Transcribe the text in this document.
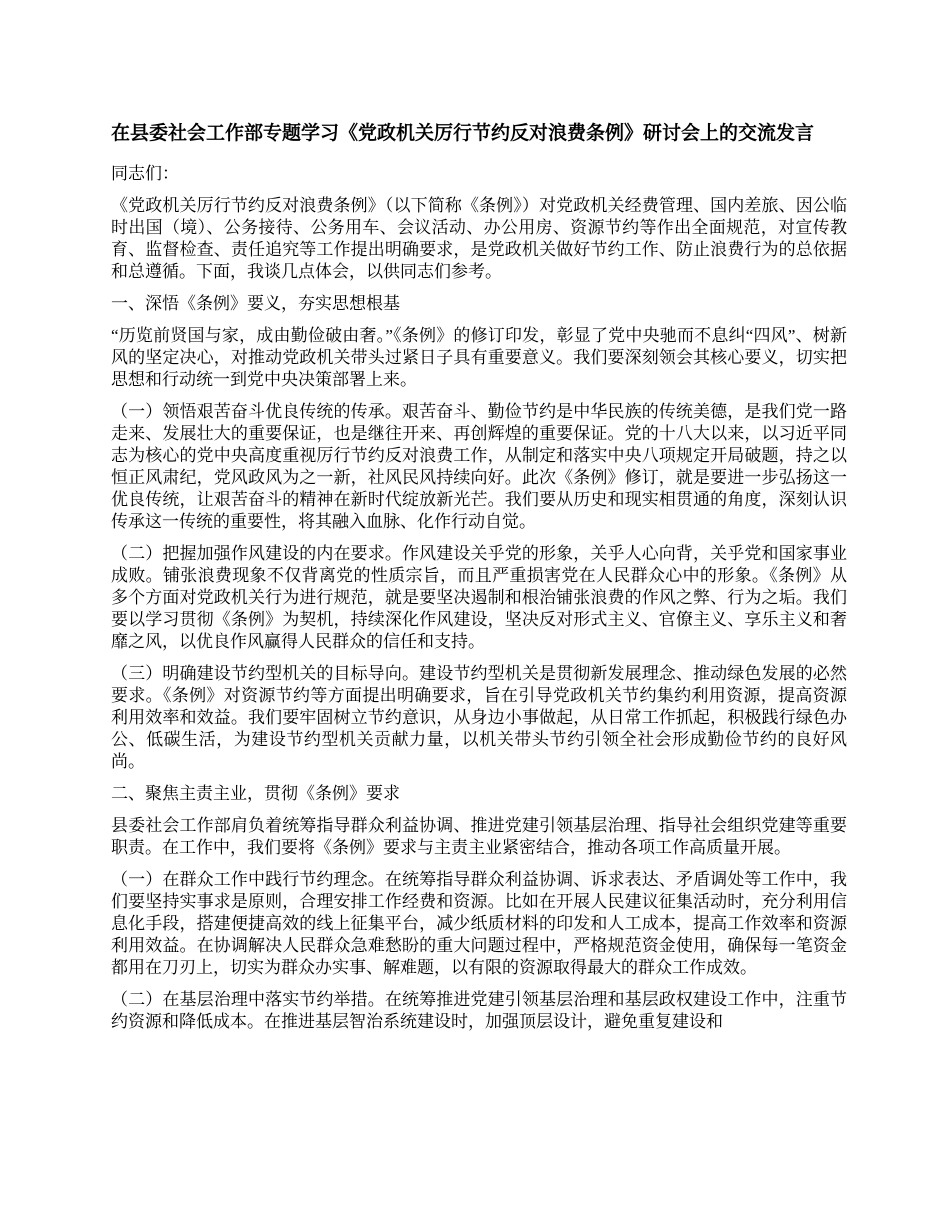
在县委社会工作部专题学习《党政机关厉行节约反对浪费条例》研讨会上的交流发言

同志们：

《党政机关厉行节约反对浪费条例》（以下简称《条例》）对党政机关经费管理、国内差旅、因公临时出国（境）、公务接待、公务用车、会议活动、办公用房、资源节约等作出全面规范，对宣传教育、监督检查、责任追究等工作提出明确要求，是党政机关做好节约工作、防止浪费行为的总依据和总遵循。下面，我谈几点体会，以供同志们参考。

一、深悟《条例》要义，夯实思想根基

“历览前贤国与家，成由勤俭破由奢。”《条例》的修订印发，彰显了党中央驰而不息纠“四风”、树新风的坚定决心，对推动党政机关带头过紧日子具有重要意义。我们要深刻领会其核心要义，切实把思想和行动统一到党中央决策部署上来。

（一）领悟艰苦奋斗优良传统的传承。艰苦奋斗、勤俭节约是中华民族的传统美德，是我们党一路走来、发展壮大的重要保证，也是继往开来、再创辉煌的重要保证。党的十八大以来，以习近平同志为核心的党中央高度重视厉行节约反对浪费工作，从制定和落实中央八项规定开局破题，持之以恒正风肃纪，党风政风为之一新，社风民风持续向好。此次《条例》修订，就是要进一步弘扬这一优良传统，让艰苦奋斗的精神在新时代绽放新光芒。我们要从历史和现实相贯通的角度，深刻认识传承这一传统的重要性，将其融入血脉、化作行动自觉。

（二）把握加强作风建设的内在要求。作风建设关乎党的形象，关乎人心向背，关乎党和国家事业成败。铺张浪费现象不仅背离党的性质宗旨，而且严重损害党在人民群众心中的形象。《条例》从多个方面对党政机关行为进行规范，就是要坚决遏制和根治铺张浪费的作风之弊、行为之垢。我们要以学习贯彻《条例》为契机，持续深化作风建设，坚决反对形式主义、官僚主义、享乐主义和奢靡之风，以优良作风赢得人民群众的信任和支持。

（三）明确建设节约型机关的目标导向。建设节约型机关是贯彻新发展理念、推动绿色发展的必然要求。《条例》对资源节约等方面提出明确要求，旨在引导党政机关节约集约利用资源，提高资源利用效率和效益。我们要牢固树立节约意识，从身边小事做起，从日常工作抓起，积极践行绿色办公、低碳生活，为建设节约型机关贡献力量，以机关带头节约引领全社会形成勤俭节约的良好风尚。

二、聚焦主责主业，贯彻《条例》要求

县委社会工作部肩负着统筹指导群众利益协调、推进党建引领基层治理、指导社会组织党建等重要职责。在工作中，我们要将《条例》要求与主责主业紧密结合，推动各项工作高质量开展。

（一）在群众工作中践行节约理念。在统筹指导群众利益协调、诉求表达、矛盾调处等工作中，我们要坚持实事求是原则，合理安排工作经费和资源。比如在开展人民建议征集活动时，充分利用信息化手段，搭建便捷高效的线上征集平台，减少纸质材料的印发和人工成本，提高工作效率和资源利用效益。在协调解决人民群众急难愁盼的重大问题过程中，严格规范资金使用，确保每一笔资金都用在刀刃上，切实为群众办实事、解难题，以有限的资源取得最大的群众工作成效。

（二）在基层治理中落实节约举措。在统筹推进党建引领基层治理和基层政权建设工作中，注重节约资源和降低成本。在推进基层智治系统建设时，加强顶层设计，避免重复建设和
